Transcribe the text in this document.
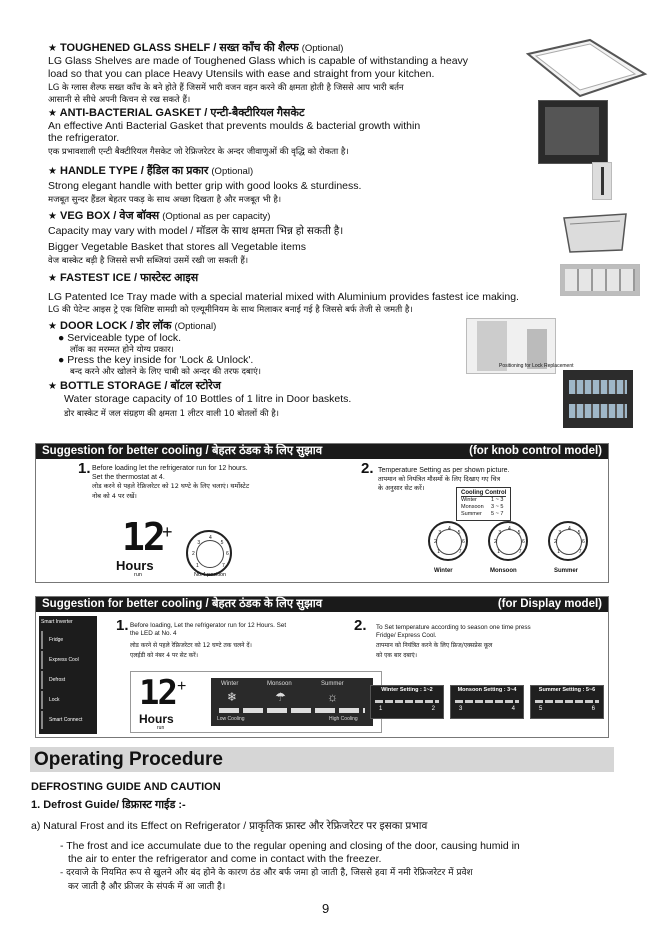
★ TOUGHENED GLASS SHELF / सख्त काँच की शैल्फ (Optional)
LG Glass Shelves are made of Toughened Glass which is capable of withstanding a heavy
load so that you can place Heavy Utensils with ease and straight from your kitchen.
LG के ग्लास शैल्फ सख्त काँच के बने होते हैं जिसमें भारी वजन वहन करने की क्षमता होती है जिससे आप भारी बर्तन
आसानी से सीधे अपनी किचन से रख सकते हैं।
★ ANTI-BACTERIAL GASKET / एन्टी-बैक्टीरियल गैसकेट
An effective Anti Bacterial Gasket that prevents moulds & bacterial growth within
the refrigerator.
एक प्रभावशाली एन्टी बैक्टीरियल गैसकेट जो रेफ्रिजरेटर के अन्दर जीवाणुओं की वृद्धि को रोकता है।
★ HANDLE TYPE / हैंडिल का प्रकार (Optional)
Strong elegant handle with better grip with good looks & sturdiness.
मजबूत सुन्दर हैंडल बेहतर पकड़ के साथ अच्छा दिखता है और मजबूत भी है।
★ VEG BOX / वेज बॉक्स (Optional as per capacity)
Capacity may vary with model / मॉडल के साथ क्षमता भिन्न हो सकती है।
Bigger Vegetable Basket that stores all Vegetable items
वेज बास्केट बड़ी है जिससे सभी सब्जियां उसमें रखी जा सकती हैं।
★ FASTEST ICE / फास्टेस्ट आइस
LG Patented Ice Tray made with a special material mixed with Aluminium provides fastest ice making.
LG की पेटेन्ट आइस ट्रे एक विशिष्ट सामग्री को एल्यूमीनियम के साथ मिलाकर बनाई गई है जिससे बर्फ तेजी से जमती है।
★ DOOR LOCK / डोर लॉक (Optional)
● Serviceable type of lock.
लॉक का मरम्मत होने योग्य प्रकार।
● Press the key inside for 'Lock & Unlock'.
बन्द करने और खोलने के लिए चाबी को अन्दर की तरफ दबाएं।
Positioning for Lock Replacement
★ BOTTLE STORAGE / बॉटल स्टोरेज
Water storage capacity of 10 Bottles of 1 litre in Door baskets.
डोर बास्केट में जल संग्रहण की क्षमता 1 लीटर वाली 10 बोतलों की है।
Suggestion for better cooling / बेहतर ठंडक के लिए सुझाव	(for knob control model)
1. Before loading let the refrigerator run for 12 hours.
Set the thermostat at 4.
लोड करने से पहले रेफ्रिजरेटर को 12 घण्टे के लिए चलाएं। थर्मोस्टेट
नोब को 4 पर रखें।
12
+
Hours
run
1
2
3
4
5
6
7
No.4 position
2. Temperature Setting as per shown picture.
तापमान को नियंत्रित मौसमों के लिए दिखाए गए चित्र
के अनुसार सेट करें।
Cooling Control
Winter	1 ~ 3
Monsoon 3 ~ 5
Summer 5 ~ 7
1
2
3
4
5
6
7	1
2
3
4
5
6
7	1
2
3
4
5
6
7
Winter	Monsoon	Summer
Suggestion for better cooling / बेहतर ठंडक के लिए सुझाव	(for Display model)
Smart Inverter
Fridge
Express Cool
Defrost
Lock
Smart Connect
1. Before loading, Let the refrigerator run for 12 Hours. Set
the LED at No. 4
लोड करने से पहले रेफ्रिजरेटर को 12 घण्टे तक चलने दें।
एलईडी को नंबर 4 पर सेट करें।
12 +
Hours
run
Winter	Monsoon	Summer
❄	☂	☼
Low Cooling	High Cooling
2. To Set temperature according to season one time press
Fridge/ Express Cool.
तापमान को नियंत्रित करने के लिए फ्रिज/एक्सप्रेस कूल
को एक बार दबाएं।
Winter Setting : 1~2
1	2
Monsoon Setting : 3~4
3	4
Summer Setting : 5~6
5	6
Operating Procedure
DEFROSTING GUIDE AND CAUTION
1. Defrost Guide/ डिफ्रास्ट गाईड :-
a) Natural Frost and its Effect on Refrigerator / प्राकृतिक फ्रास्ट और रेफ्रिजरेटर पर इसका प्रभाव
- The frost and ice accumulate due to the regular opening and closing of the door, causing humid in
the air to enter the refrigerator and come in contact with the freezer.
- दरवाजे के नियमित रूप से खुलने और बंद होने के कारण ठंड और बर्फ जमा हो जाती है, जिससे हवा में नमी रेफ्रिजरेटर में प्रवेश
कर जाती है और फ्रीजर के संपर्क में आ जाती है।
9
